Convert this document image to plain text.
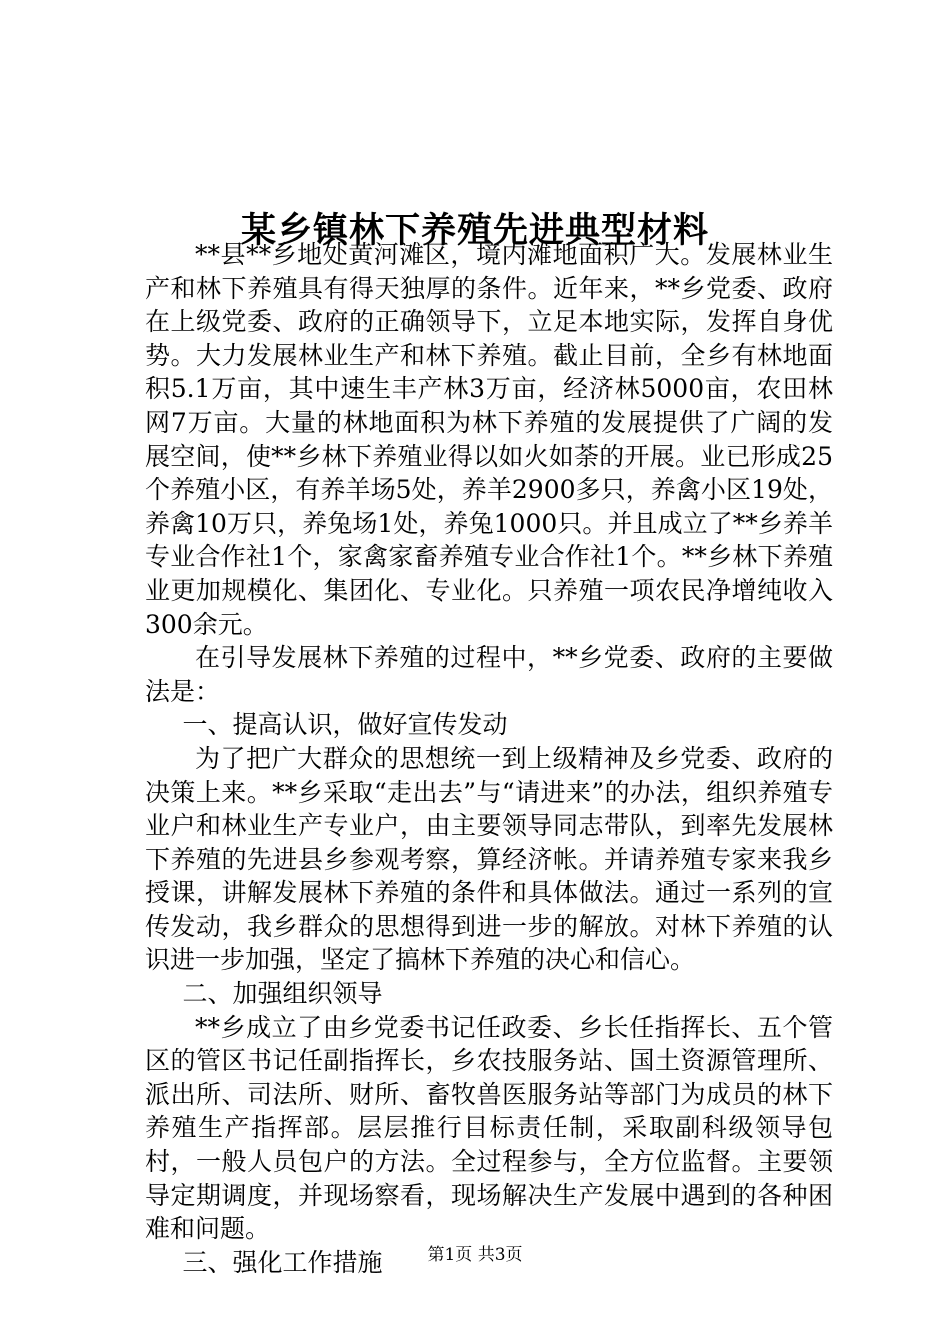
某乡镇林下养殖先进典型材料

**县**乡地处黄河滩区，境内滩地面积广大。发展林业生产和林下养殖具有得天独厚的条件。近年来，**乡党委、政府在上级党委、政府的正确领导下，立足本地实际，发挥自身优势。大力发展林业生产和林下养殖。截止目前，全乡有林地面积5.1万亩，其中速生丰产林3万亩，经济林5000亩，农田林网7万亩。大量的林地面积为林下养殖的发展提供了广阔的发展空间，使**乡林下养殖业得以如火如荼的开展。业已形成25个养殖小区，有养羊场5处，养羊2900多只，养禽小区19处，养禽10万只，养兔场1处，养兔1000只。并且成立了**乡养羊专业合作社1个，家禽家畜养殖专业合作社1个。**乡林下养殖业更加规模化、集团化、专业化。只养殖一项农民净增纯收入300余元。

在引导发展林下养殖的过程中，**乡党委、政府的主要做法是：

一、提高认识，做好宣传发动

为了把广大群众的思想统一到上级精神及乡党委、政府的决策上来。**乡采取“走出去”与“请进来”的办法，组织养殖专业户和林业生产专业户，由主要领导同志带队，到率先发展林下养殖的先进县乡参观考察，算经济帐。并请养殖专家来我乡授课，讲解发展林下养殖的条件和具体做法。通过一系列的宣传发动，我乡群众的思想得到进一步的解放。对林下养殖的认识进一步加强，坚定了搞林下养殖的决心和信心。

二、加强组织领导

**乡成立了由乡党委书记任政委、乡长任指挥长、五个管区的管区书记任副指挥长，乡农技服务站、国土资源管理所、派出所、司法所、财所、畜牧兽医服务站等部门为成员的林下养殖生产指挥部。层层推行目标责任制，采取副科级领导包村，一般人员包户的方法。全过程参与，全方位监督。主要领导定期调度，并现场察看，现场解决生产发展中遇到的各种困难和问题。

三、强化工作措施	第1页 共3页
